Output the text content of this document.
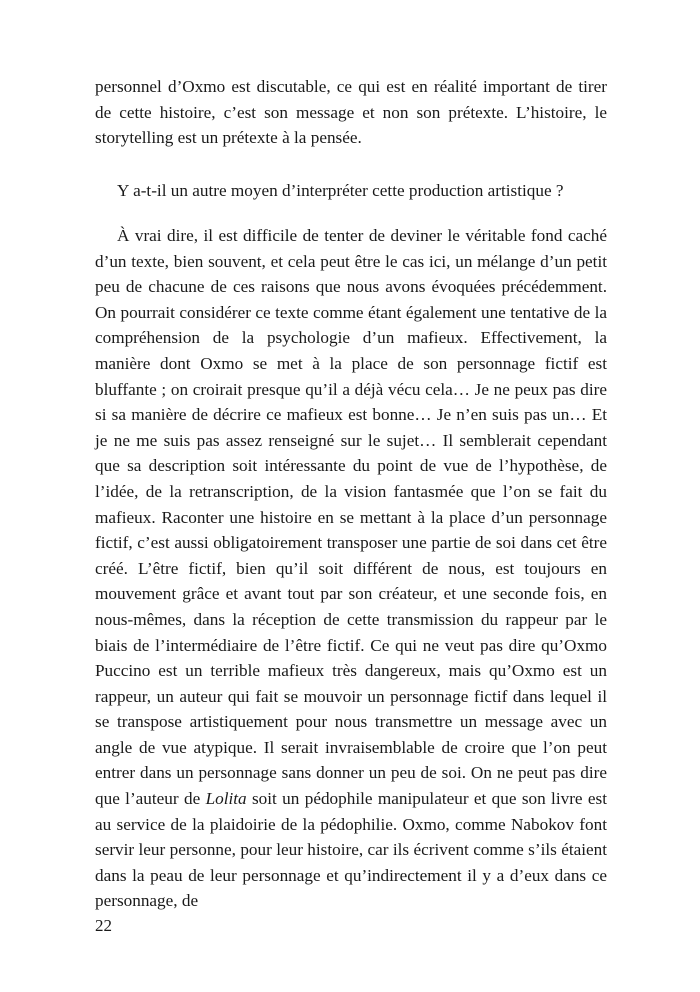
personnel d’Oxmo est discutable, ce qui est en réalité important de tirer de cette histoire, c’est son message et non son prétexte. L’histoire, le storytelling est un prétexte à la pensée.

Y a-t-il un autre moyen d’interpréter cette production artistique ?

À vrai dire, il est difficile de tenter de deviner le véritable fond caché d’un texte, bien souvent, et cela peut être le cas ici, un mélange d’un petit peu de chacune de ces raisons que nous avons évoquées précédemment. On pourrait considérer ce texte comme étant également une tentative de la compréhension de la psychologie d’un mafieux. Effectivement, la manière dont Oxmo se met à la place de son personnage fictif est bluffante ; on croirait presque qu’il a déjà vécu cela… Je ne peux pas dire si sa manière de décrire ce mafieux est bonne… Je n’en suis pas un… Et je ne me suis pas assez renseigné sur le sujet… Il semblerait cependant que sa description soit intéressante du point de vue de l’hypothèse, de l’idée, de la retranscription, de la vision fantasmée que l’on se fait du mafieux. Raconter une histoire en se mettant à la place d’un personnage fictif, c’est aussi obligatoirement transposer une partie de soi dans cet être créé. L’être fictif, bien qu’il soit différent de nous, est toujours en mouvement grâce et avant tout par son créateur, et une seconde fois, en nous-mêmes, dans la réception de cette transmission du rappeur par le biais de l’intermédiaire de l’être fictif. Ce qui ne veut pas dire qu’Oxmo Puccino est un terrible mafieux très dangereux, mais qu’Oxmo est un rappeur, un auteur qui fait se mouvoir un personnage fictif dans lequel il se transpose artistiquement pour nous transmettre un message avec un angle de vue atypique. Il serait invraisemblable de croire que l’on peut entrer dans un personnage sans donner un peu de soi. On ne peut pas dire que l’auteur de Lolita soit un pédophile manipulateur et que son livre est au service de la plaidoirie de la pédophilie. Oxmo, comme Nabokov font servir leur personne, pour leur histoire, car ils écrivent comme s’ils étaient dans la peau de leur personnage et qu’indirectement il y a d’eux dans ce personnage, de

22
